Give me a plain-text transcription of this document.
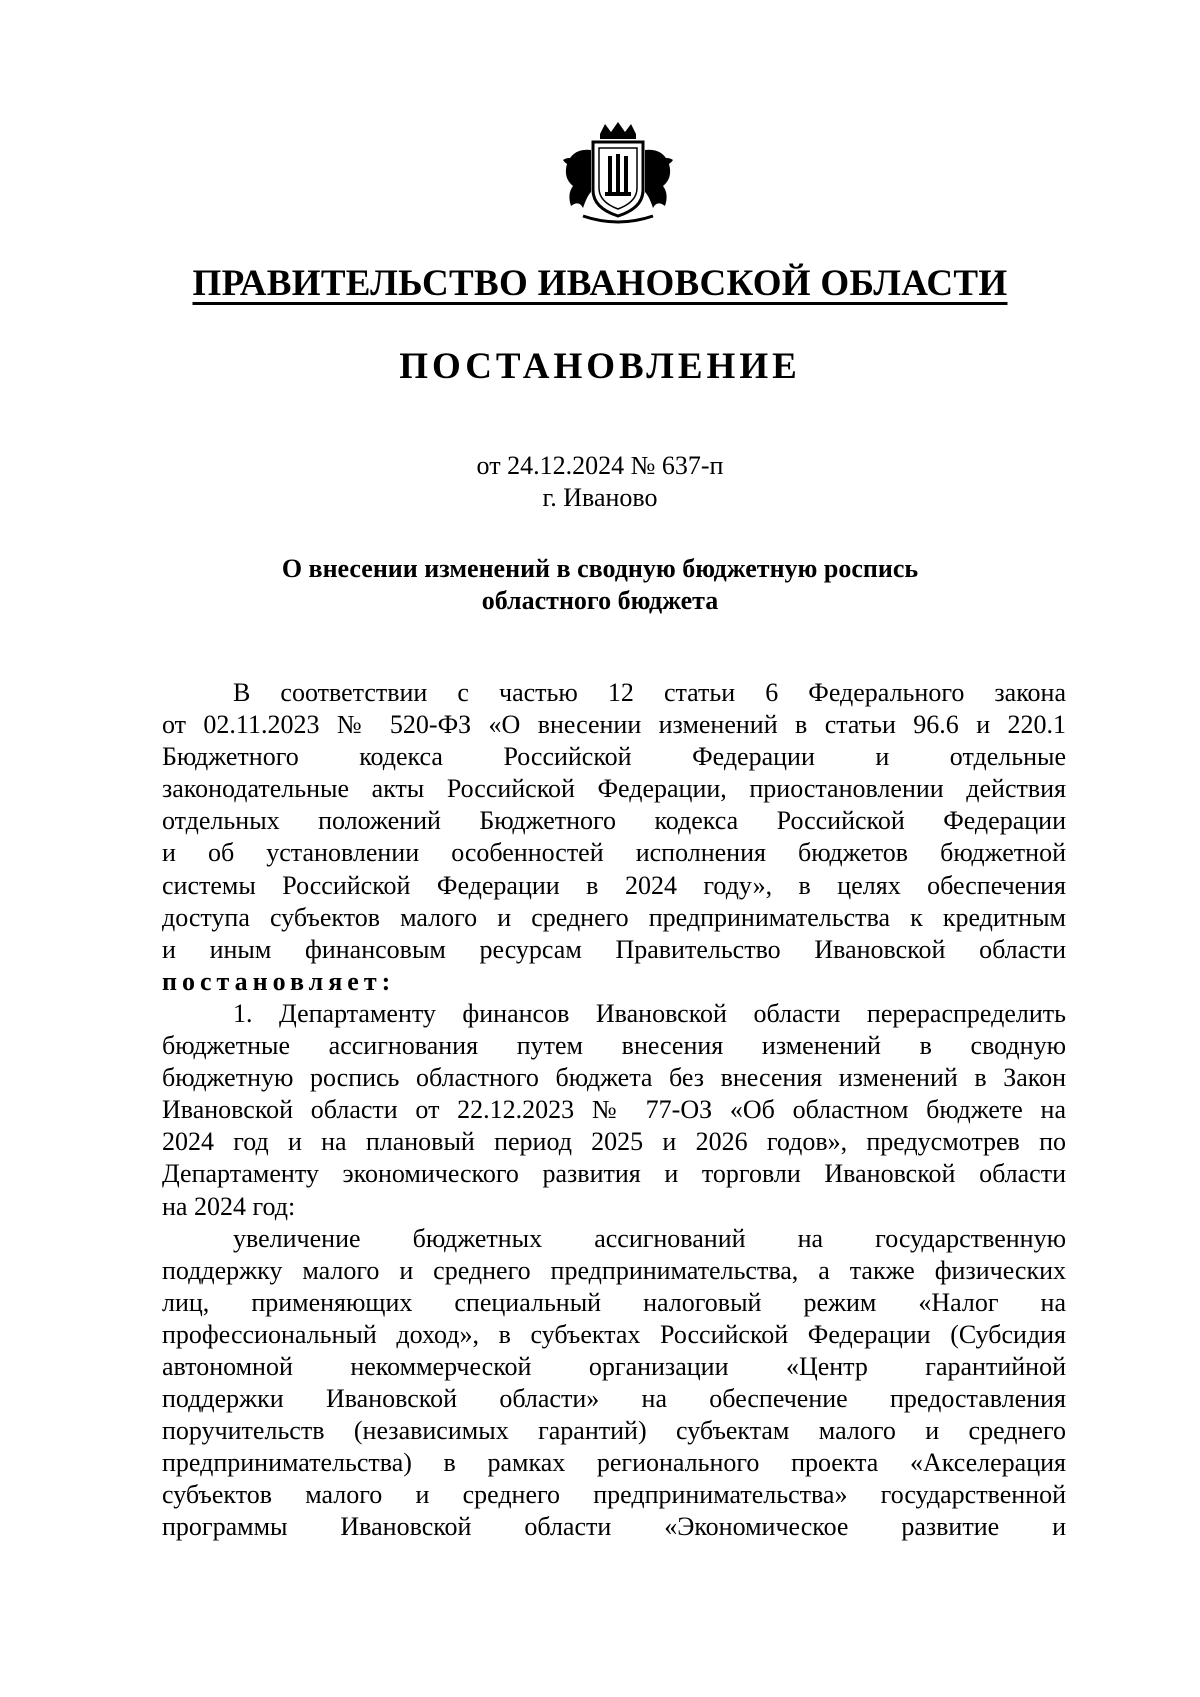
ПРАВИТЕЛЬСТВО ИВАНОВСКОЙ ОБЛАСТИ
ПОСТАНОВЛЕНИЕ
от 24.12.2024 № 637-п
г. Иваново
О внесении изменений в сводную бюджетную роспись
областного бюджета
В соответствии с частью 12 статьи 6 Федерального закона
от 02.11.2023 № 520-ФЗ «О внесении изменений в статьи 96.6 и 220.1
Бюджетного кодекса Российской Федерации и отдельные
законодательные акты Российской Федерации, приостановлении действия
отдельных положений Бюджетного кодекса Российской Федерации
и об установлении особенностей исполнения бюджетов бюджетной
системы Российской Федерации в 2024 году», в целях обеспечения
доступа субъектов малого и среднего предпринимательства к кредитным
и иным финансовым ресурсам Правительство Ивановской области
постановляет:
1. Департаменту финансов Ивановской области перераспределить
бюджетные ассигнования путем внесения изменений в сводную
бюджетную роспись областного бюджета без внесения изменений в Закон
Ивановской области от 22.12.2023 № 77-ОЗ «Об областном бюджете на
2024 год и на плановый период 2025 и 2026 годов», предусмотрев по
Департаменту экономического развития и торговли Ивановской области
на 2024 год:
увеличение бюджетных ассигнований на государственную
поддержку малого и среднего предпринимательства, а также физических
лиц, применяющих специальный налоговый режим «Налог на
профессиональный доход», в субъектах Российской Федерации (Субсидия
автономной некоммерческой организации «Центр гарантийной
поддержки Ивановской области» на обеспечение предоставления
поручительств (независимых гарантий) субъектам малого и среднего
предпринимательства) в рамках регионального проекта «Акселерация
субъектов малого и среднего предпринимательства» государственной
программы Ивановской области «Экономическое развитие и
